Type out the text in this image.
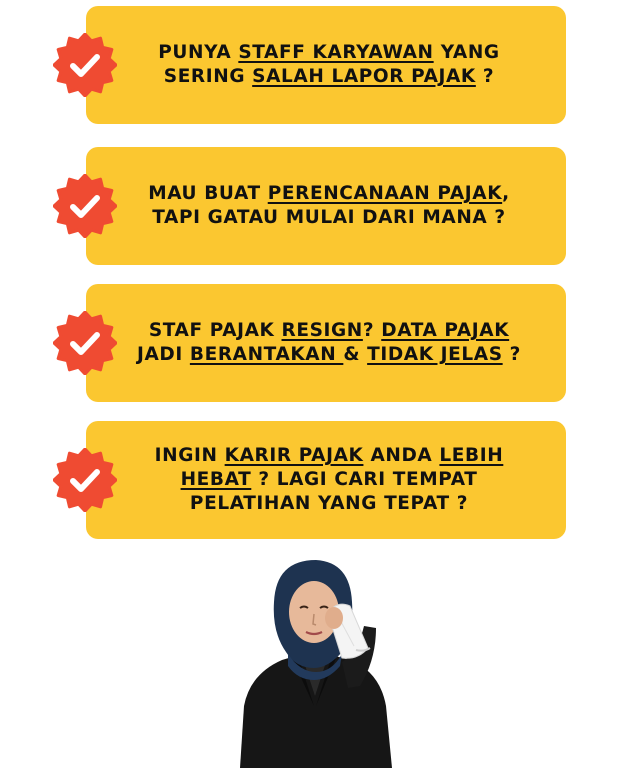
PUNYA STAFF KARYAWAN YANG
SERING SALAH LAPOR PAJAK ?
MAU BUAT PERENCANAAN PAJAK,
TAPI GATAU MULAI DARI MANA ?
STAF PAJAK RESIGN? DATA PAJAK
JADI BERANTAKAN & TIDAK JELAS ?
INGIN KARIR PAJAK ANDA LEBIH
HEBAT ? LAGI CARI TEMPAT
PELATIHAN YANG TEPAT ?
